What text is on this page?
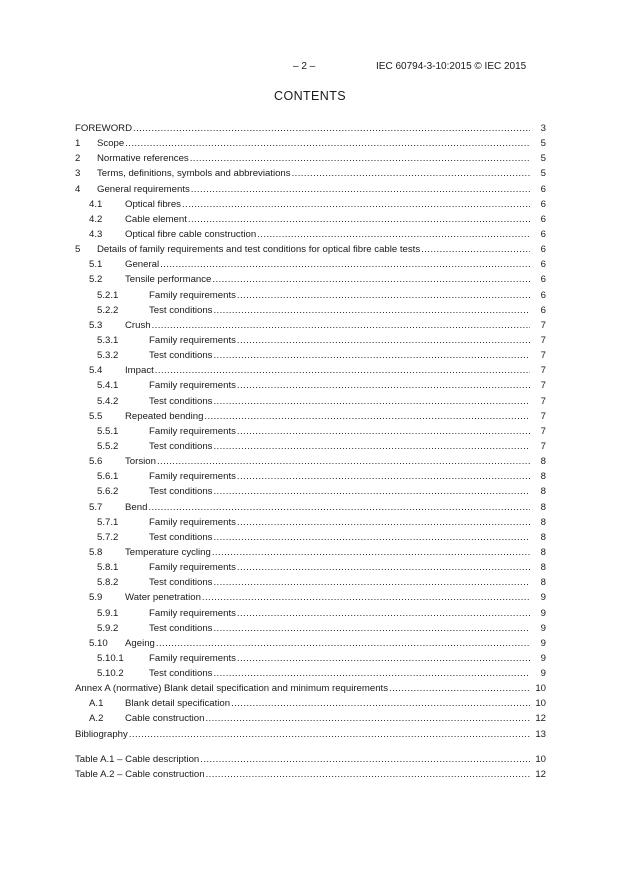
– 2 –	IEC 60794-3-10:2015 © IEC 2015
CONTENTS
FOREWORD .....	3
1	Scope .....	5
2	Normative references .....	5
3	Terms, definitions, symbols and abbreviations .....	5
4	General requirements .....	6
4.1	Optical fibres .....	6
4.2	Cable element .....	6
4.3	Optical fibre cable construction .....	6
5	Details of family requirements and test conditions for optical fibre cable tests .....	6
5.1	General .....	6
5.2	Tensile performance .....	6
5.2.1	Family requirements .....	6
5.2.2	Test conditions .....	6
5.3	Crush .....	7
5.3.1	Family requirements .....	7
5.3.2	Test conditions .....	7
5.4	Impact .....	7
5.4.1	Family requirements .....	7
5.4.2	Test conditions .....	7
5.5	Repeated bending .....	7
5.5.1	Family requirements .....	7
5.5.2	Test conditions .....	7
5.6	Torsion .....	8
5.6.1	Family requirements .....	8
5.6.2	Test conditions .....	8
5.7	Bend .....	8
5.7.1	Family requirements .....	8
5.7.2	Test conditions .....	8
5.8	Temperature cycling .....	8
5.8.1	Family requirements .....	8
5.8.2	Test conditions .....	8
5.9	Water penetration .....	9
5.9.1	Family requirements .....	9
5.9.2	Test conditions .....	9
5.10	Ageing .....	9
5.10.1	Family requirements .....	9
5.10.2	Test conditions .....	9
Annex A (normative) Blank detail specification and minimum requirements .....	10
A.1	Blank detail specification .....	10
A.2	Cable construction .....	12
Bibliography .....	13
Table A.1 – Cable description .....	10
Table A.2 – Cable construction .....	12
